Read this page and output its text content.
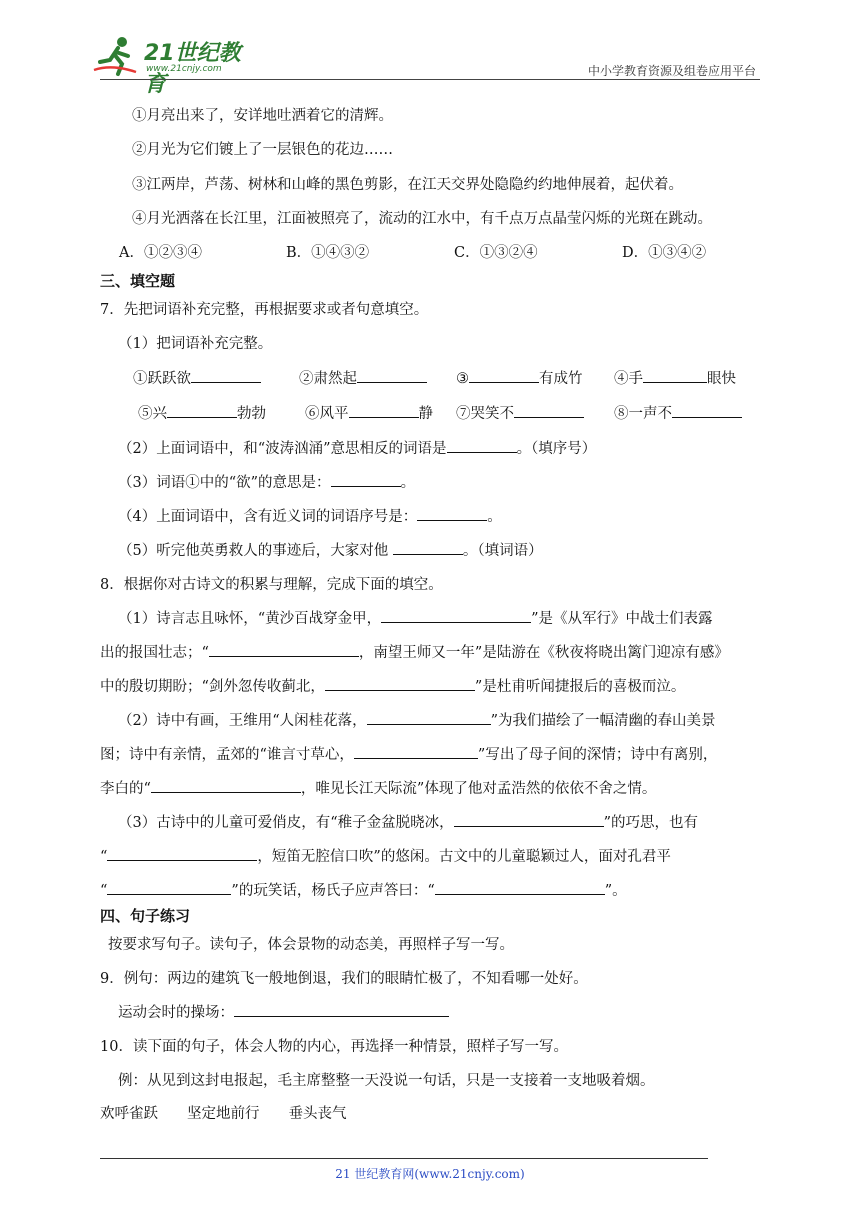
21世纪教育
www.21cnjy.com	中小学教育资源及组卷应用平台
①月亮出来了，安详地吐洒着它的清辉。
②月光为它们镀上了一层银色的花边……
③江两岸，芦荡、树林和山峰的黑色剪影，在江天交界处隐隐约约地伸展着，起伏着。
④月光洒落在长江里，江面被照亮了，流动的江水中，有千点万点晶莹闪烁的光斑在跳动。
A．①②③④	B．①④③②	C．①③②④	D．①③④②
三、填空题
7．先把词语补充完整，再根据要求或者句意填空。
（1）把词语补充完整。
①跃跃欲	②肃然起	③	有成竹 ④手	眼快
⑤兴	勃勃	⑥风平	静 ⑦哭笑不	⑧一声不
（2）上面词语中，和“波涛汹涌”意思相反的词语是	。（填序号）
（3）词语①中的“欲”的意思是：	。
（4）上面词语中，含有近义词的词语序号是：	。
（5）听完他英勇救人的事迹后，大家对他	。（填词语）
8．根据你对古诗文的积累与理解，完成下面的填空。
（1）诗言志且咏怀，“黄沙百战穿金甲，	”是《从军行》中战士们表露
出的报国壮志；“	，南望王师又一年”是陆游在《秋夜将晓出篱门迎凉有感》
中的殷切期盼；“剑外忽传收蓟北，	”是杜甫听闻捷报后的喜极而泣。
（2）诗中有画，王维用“人闲桂花落，	”为我们描绘了一幅清幽的春山美景
图；诗中有亲情，孟郊的“谁言寸草心，	”写出了母子间的深情；诗中有离别，
李白的“	，唯见长江天际流”体现了他对孟浩然的依依不舍之情。
（3）古诗中的儿童可爱俏皮，有“稚子金盆脱晓冰，	”的巧思，也有
“	，短笛无腔信口吹”的悠闲。古文中的儿童聪颖过人，面对孔君平
“	”的玩笑话，杨氏子应声答曰：“	”。
四、句子练习
按要求写句子。读句子，体会景物的动态美，再照样子写一写。
9．例句：两边的建筑飞一般地倒退，我们的眼睛忙极了，不知看哪一处好。
运动会时的操场：
10．读下面的句子，体会人物的内心，再选择一种情景，照样子写一写。
例：从见到这封电报起，毛主席整整一天没说一句话，只是一支接着一支地吸着烟。
欢呼雀跃　　坚定地前行　　垂头丧气
21 世纪教育网(www.21cnjy.com)
